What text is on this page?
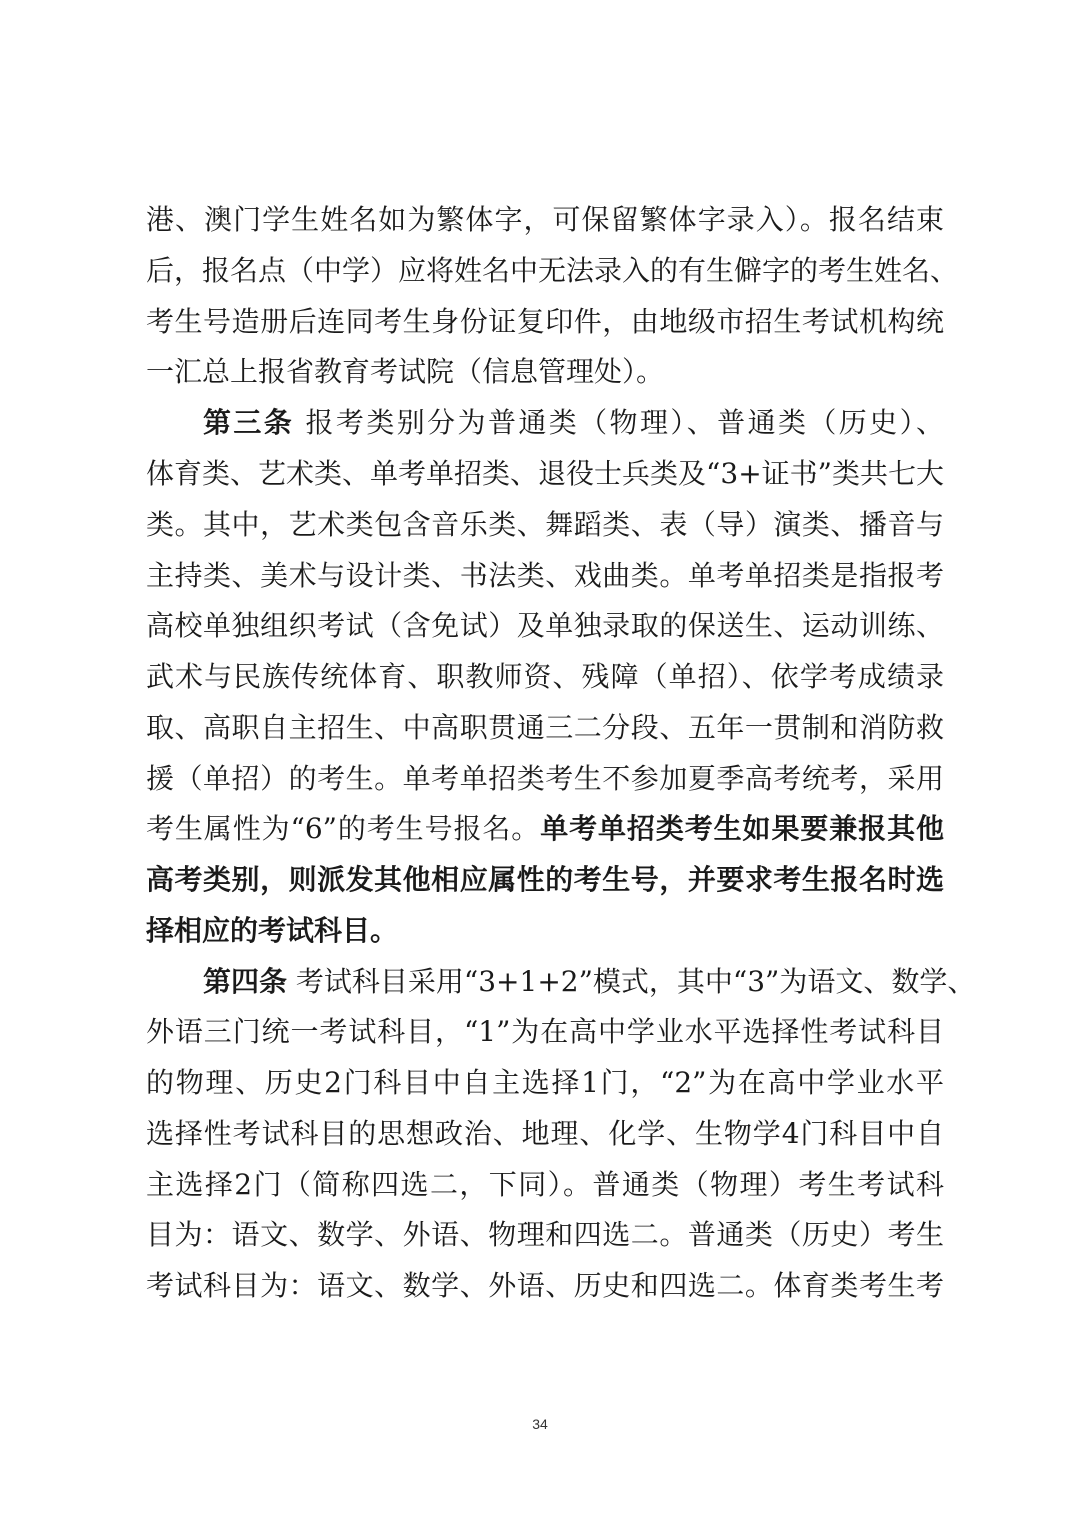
港、澳门学生姓名如为繁体字，可保留繁体字录入）。报名结束
后，报名点（中学）应将姓名中无法录入的有生僻字的考生姓名、
考生号造册后连同考生身份证复印件，由地级市招生考试机构统
一汇总上报省教育考试院（信息管理处）。
第三条 报考类别分为普通类（物理）、普通类（历史）、
体育类、艺术类、单考单招类、退役士兵类及“3+证书”类共七大
类。其中，艺术类包含音乐类、舞蹈类、表（导）演类、播音与
主持类、美术与设计类、书法类、戏曲类。单考单招类是指报考
高校单独组织考试（含免试）及单独录取的保送生、运动训练、
武术与民族传统体育、职教师资、残障（单招）、依学考成绩录
取、高职自主招生、中高职贯通三二分段、五年一贯制和消防救
援（单招）的考生。单考单招类考生不参加夏季高考统考，采用
考生属性为“6”的考生号报名。单考单招类考生如果要兼报其他
高考类别，则派发其他相应属性的考生号，并要求考生报名时选
择相应的考试科目。
第四条 考试科目采用“3+1+2”模式，其中“3”为语文、数学、
外语三门统一考试科目，“1”为在高中学业水平选择性考试科目
的物理、历史2门科目中自主选择1门，“2”为在高中学业水平
选择性考试科目的思想政治、地理、化学、生物学4门科目中自
主选择2门（简称四选二，下同）。普通类（物理）考生考试科
目为：语文、数学、外语、物理和四选二。普通类（历史）考生
考试科目为：语文、数学、外语、历史和四选二。体育类考生考
34
